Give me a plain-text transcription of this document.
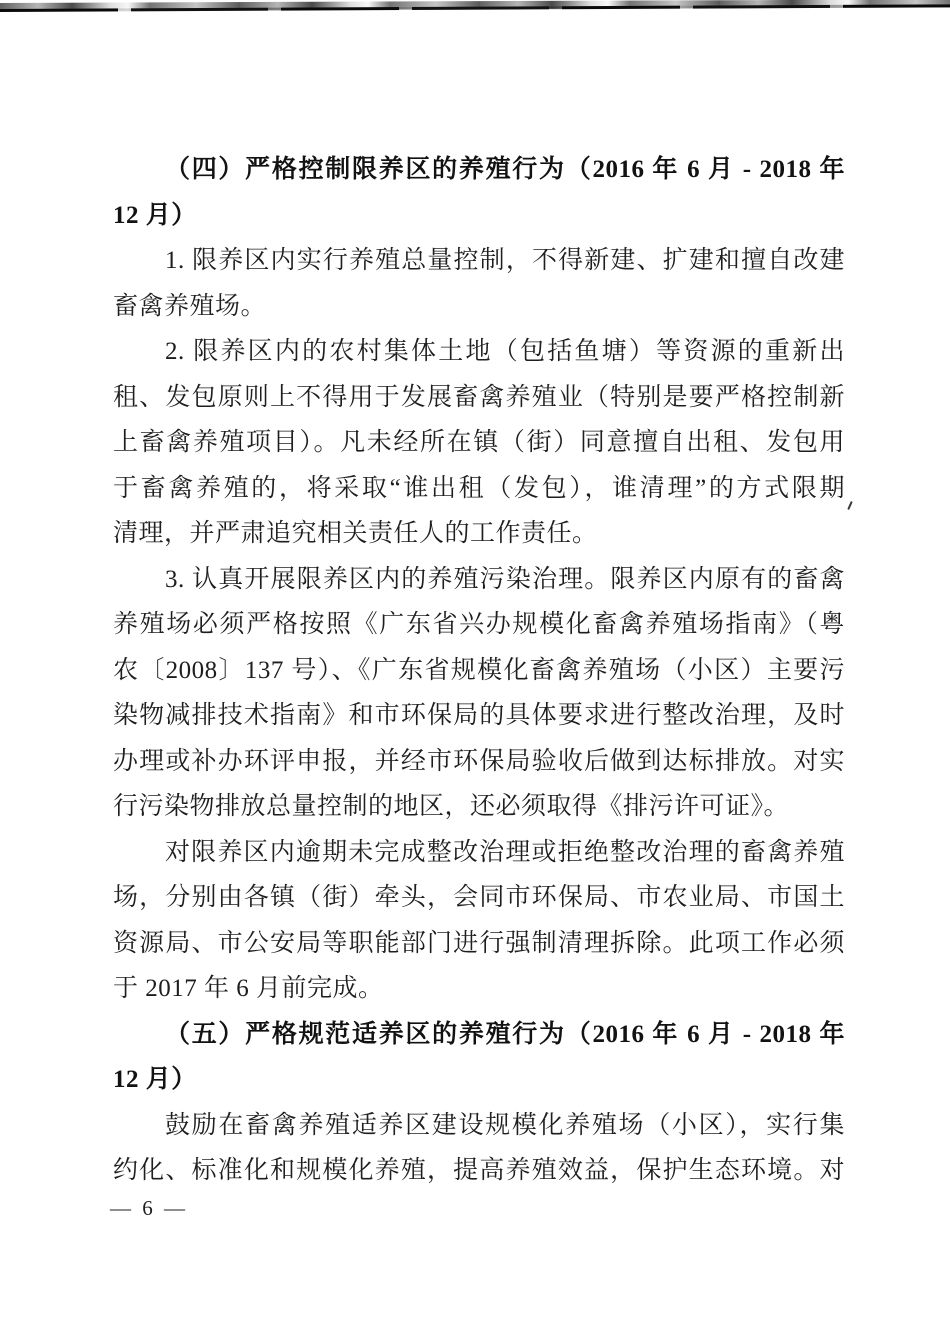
（四）严格控制限养区的养殖行为（2016 年 6 月 - 2018 年
12 月）
1. 限养区内实行养殖总量控制，不得新建、扩建和擅自改建
畜禽养殖场。
2. 限养区内的农村集体土地（包括鱼塘）等资源的重新出
租、发包原则上不得用于发展畜禽养殖业（特别是要严格控制新
上畜禽养殖项目）。凡未经所在镇（街）同意擅自出租、发包用
于畜禽养殖的，将采取“谁出租（发包），谁清理”的方式限期
清理，并严肃追究相关责任人的工作责任。
3. 认真开展限养区内的养殖污染治理。限养区内原有的畜禽
养殖场必须严格按照《广东省兴办规模化畜禽养殖场指南》（粤
农〔2008〕137 号）、《广东省规模化畜禽养殖场（小区）主要污
染物减排技术指南》和市环保局的具体要求进行整改治理，及时
办理或补办环评申报，并经市环保局验收后做到达标排放。对实
行污染物排放总量控制的地区，还必须取得《排污许可证》。
对限养区内逾期未完成整改治理或拒绝整改治理的畜禽养殖
场，分别由各镇（街）牵头，会同市环保局、市农业局、市国土
资源局、市公安局等职能部门进行强制清理拆除。此项工作必须
于 2017 年 6 月前完成。
（五）严格规范适养区的养殖行为（2016 年 6 月 - 2018 年
12 月）
鼓励在畜禽养殖适养区建设规模化养殖场（小区），实行集
约化、标准化和规模化养殖，提高养殖效益，保护生态环境。对
— 6 —
